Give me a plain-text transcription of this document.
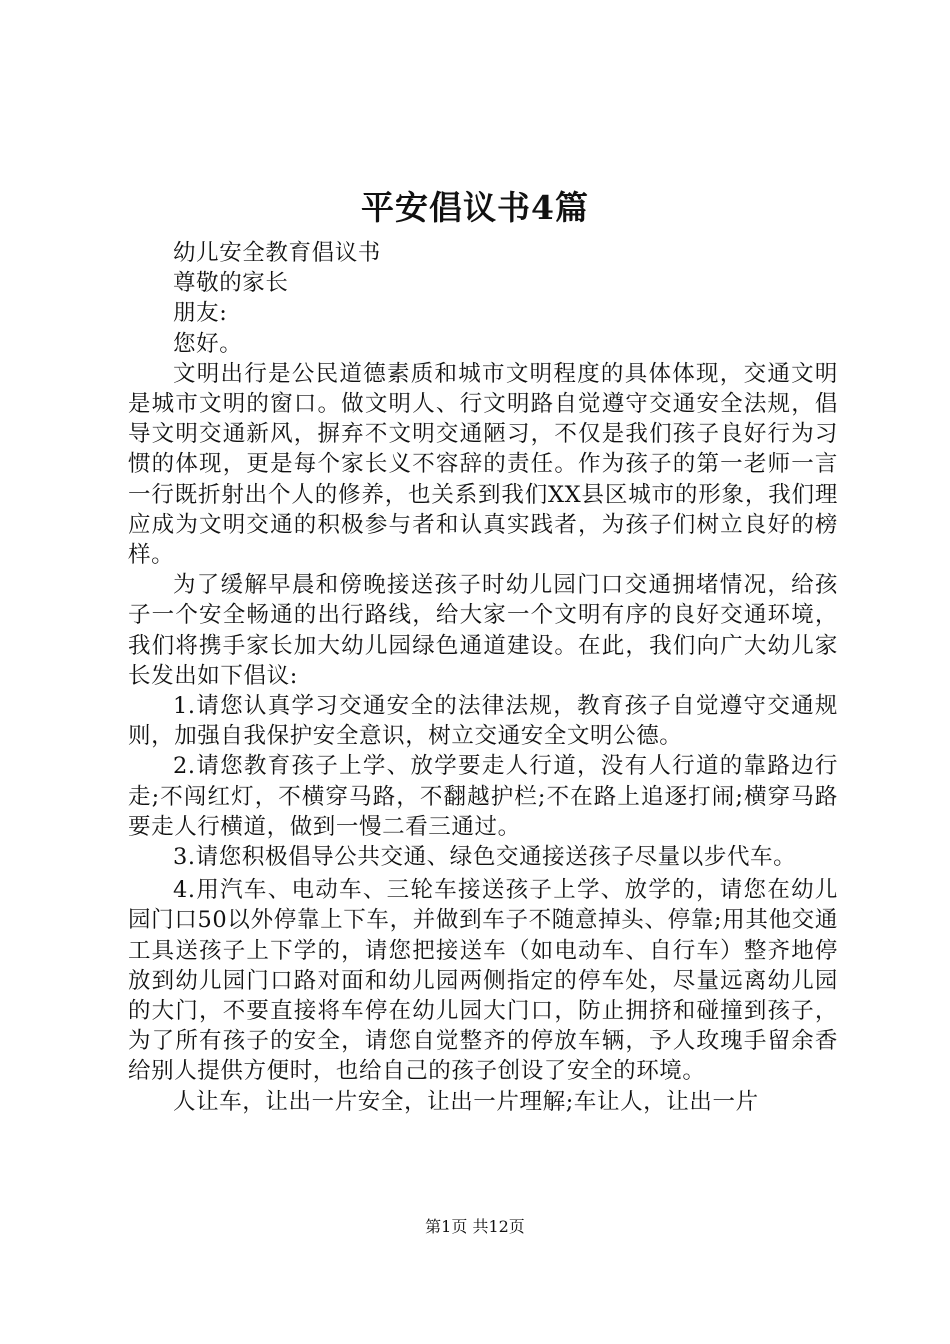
平安倡议书4篇

幼儿安全教育倡议书

尊敬的家长

朋友:

您好。

文明出行是公民道德素质和城市文明程度的具体体现，交通文明是城市文明的窗口。做文明人、行文明路自觉遵守交通安全法规，倡导文明交通新风，摒弃不文明交通陋习，不仅是我们孩子良好行为习惯的体现，更是每个家长义不容辞的责任。作为孩子的第一老师一言一行既折射出个人的修养，也关系到我们XX县区城市的形象，我们理应成为文明交通的积极参与者和认真实践者，为孩子们树立良好的榜样。

为了缓解早晨和傍晚接送孩子时幼儿园门口交通拥堵情况，给孩子一个安全畅通的出行路线，给大家一个文明有序的良好交通环境，我们将携手家长加大幼儿园绿色通道建设。在此，我们向广大幼儿家长发出如下倡议:

1.请您认真学习交通安全的法律法规，教育孩子自觉遵守交通规则，加强自我保护安全意识，树立交通安全文明公德。

2.请您教育孩子上学、放学要走人行道，没有人行道的靠路边行走;不闯红灯，不横穿马路，不翻越护栏;不在路上追逐打闹;横穿马路要走人行横道，做到一慢二看三通过。

3.请您积极倡导公共交通、绿色交通接送孩子尽量以步代车。

4.用汽车、电动车、三轮车接送孩子上学、放学的，请您在幼儿园门口50以外停靠上下车，并做到车子不随意掉头、停靠;用其他交通工具送孩子上下学的，请您把接送车（如电动车、自行车）整齐地停放到幼儿园门口路对面和幼儿园两侧指定的停车处，尽量远离幼儿园的大门，不要直接将车停在幼儿园大门口，防止拥挤和碰撞到孩子，为了所有孩子的安全，请您自觉整齐的停放车辆，予人玫瑰手留余香给别人提供方便时，也给自己的孩子创设了安全的环境。

人让车，让出一片安全，让出一片理解;车让人，让出一片

第1页 共12页
